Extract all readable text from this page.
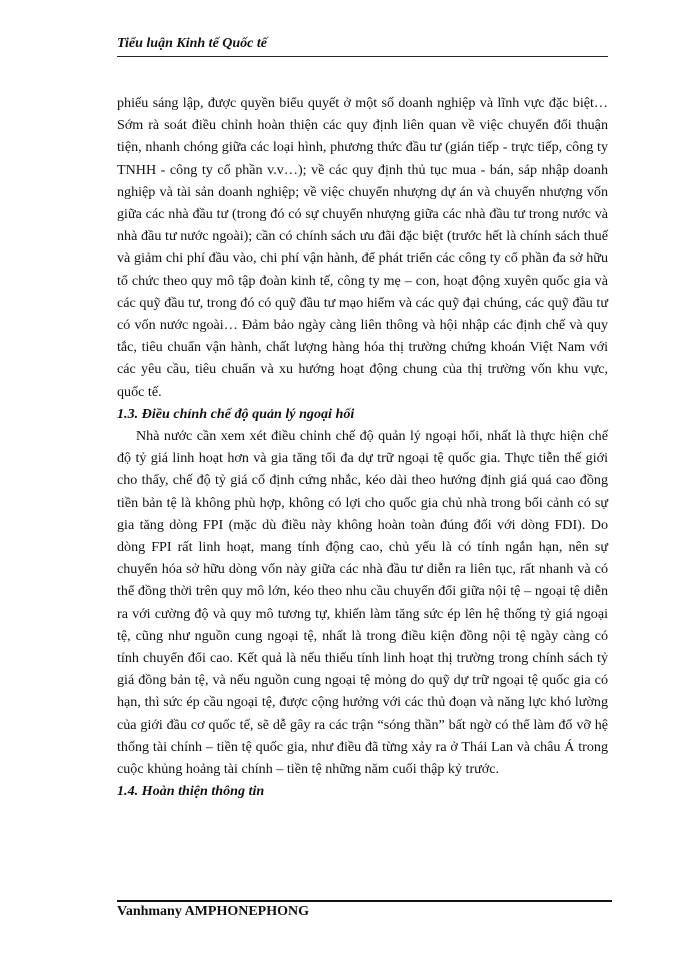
Tiểu luận Kinh tế Quốc tế

phiếu sáng lập, được quyền biểu quyết ở một số doanh nghiệp và lĩnh vực đặc biệt… Sớm rà soát điều chỉnh hoàn thiện các quy định liên quan về việc chuyển đổi thuận tiện, nhanh chóng giữa các loại hình, phương thức đầu tư (gián tiếp - trực tiếp, công ty TNHH - công ty cổ phần v.v…); về các quy định thủ tục mua - bán, sáp nhập doanh nghiệp và tài sản doanh nghiệp; về việc chuyển nhượng dự án và chuyển nhượng vốn giữa các nhà đầu tư (trong đó có sự chuyển nhượng giữa các nhà đầu tư trong nước và nhà đầu tư nước ngoài); cần có chính sách ưu đãi đặc biệt (trước hết là chính sách thuế và giảm chi phí đầu vào, chi phí vận hành, để phát triển các công ty cổ phần đa sở hữu tổ chức theo quy mô tập đoàn kinh tế, công ty mẹ – con, hoạt động xuyên quốc gia và các quỹ đầu tư, trong đó có quỹ đầu tư mạo hiểm và các quỹ đại chúng, các quỹ đầu tư có vốn nước ngoài… Đảm bảo ngày càng liên thông và hội nhập các định chế và quy tắc, tiêu chuẩn vận hành, chất lượng hàng hóa thị trường chứng khoán Việt Nam với các yêu cầu, tiêu chuẩn và xu hướng hoạt động chung của thị trường vốn khu vực, quốc tế.

1.3. Điều chỉnh chế độ quản lý ngoại hối

Nhà nước cần xem xét điều chỉnh chế độ quản lý ngoại hối, nhất là thực hiện chế độ tỷ giá linh hoạt hơn và gia tăng tối đa dự trữ ngoại tệ quốc gia. Thực tiễn thế giới cho thấy, chế độ tỷ giá cố định cứng nhắc, kéo dài theo hướng định giá quá cao đồng tiền bản tệ là không phù hợp, không có lợi cho quốc gia chủ nhà trong bối cảnh có sự gia tăng dòng FPI (mặc dù điều này không hoàn toàn đúng đối với dòng FDI). Do dòng FPI rất linh hoạt, mang tính động cao, chủ yếu là có tính ngắn hạn, nên sự chuyển hóa sở hữu dòng vốn này giữa các nhà đầu tư diễn ra liên tục, rất nhanh và có thể đồng thời trên quy mô lớn, kéo theo nhu cầu chuyển đổi giữa nội tệ – ngoại tệ diễn ra với cường độ và quy mô tương tự, khiến làm tăng sức ép lên hệ thống tỷ giá ngoại tệ, cũng như nguồn cung ngoại tệ, nhất là trong điều kiện đồng nội tệ ngày càng có tính chuyển đổi cao. Kết quả là nếu thiếu tính linh hoạt thị trường trong chính sách tỷ giá đồng bản tệ, và nếu nguồn cung ngoại tệ mỏng do quỹ dự trữ ngoại tệ quốc gia có hạn, thì sức ép cầu ngoại tệ, được cộng hưởng với các thủ đoạn và năng lực khó lường của giới đầu cơ quốc tế, sẽ dễ gây ra các trận “sóng thần” bất ngờ có thể làm đổ vỡ hệ thống tài chính – tiền tệ quốc gia, như điều đã từng xảy ra ở Thái Lan và châu Á trong cuộc khủng hoảng tài chính – tiền tệ những năm cuối thập kỷ trước.

1.4. Hoàn thiện thông tin
Vanhmany AMPHONEPHONG
